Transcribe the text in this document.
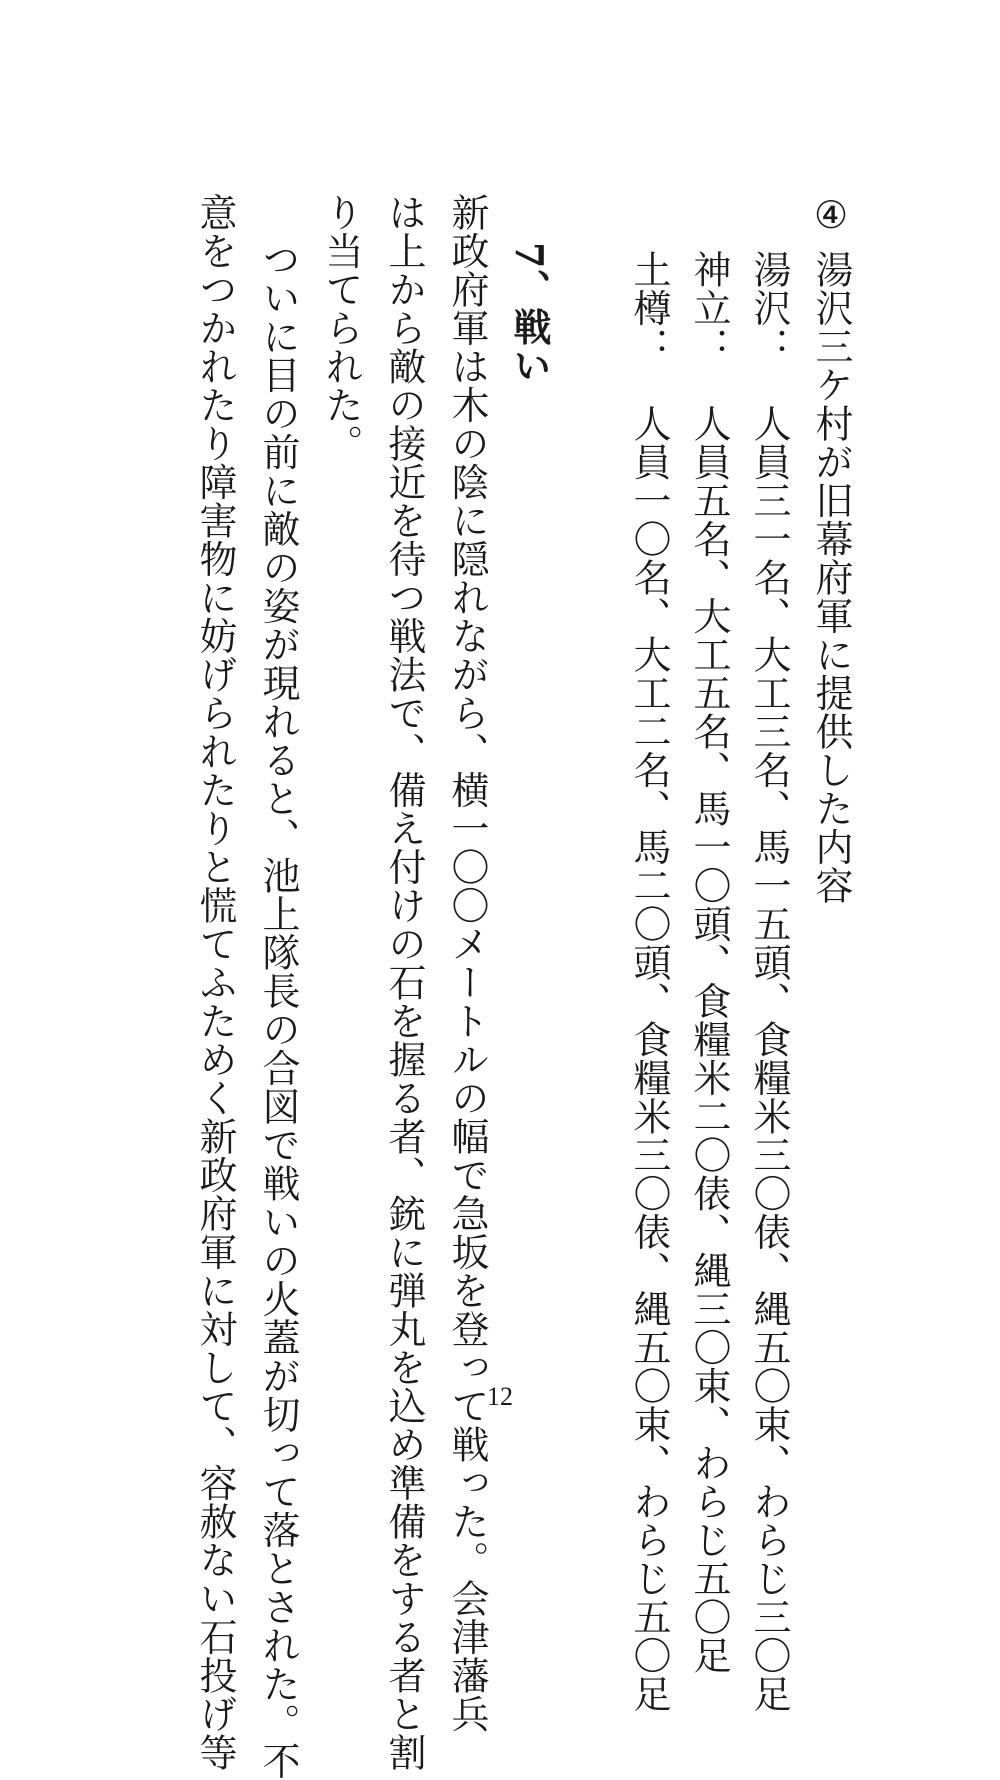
④ 湯沢三ケ村が旧幕府軍に提供した内容
湯沢：　人員三一名、大工三名、馬一五頭、食糧米三〇俵、縄五〇束、わらじ三〇足
神立：　人員五名、大工五名、馬一〇頭、食糧米二〇俵、縄三〇束、わらじ五〇足
土樽：　人員一〇名、大工二名、馬二〇頭、食糧米三〇俵、縄五〇束、わらじ五〇足
7、戦い
新政府軍は木の陰に隠れながら、横一〇〇メートルの幅で急坂を登って戦った。会津藩兵
は上から敵の接近を待つ戦法で、備え付けの石を握る者、銃に弾丸を込め準備をする者と割
り当てられた。
ついに目の前に敵の姿が現れると、池上隊長の合図で戦いの火蓋が切って落とされた。不
意をつかれたり障害物に妨げられたりと慌てふためく新政府軍に対して、容赦ない石投げ等	12
